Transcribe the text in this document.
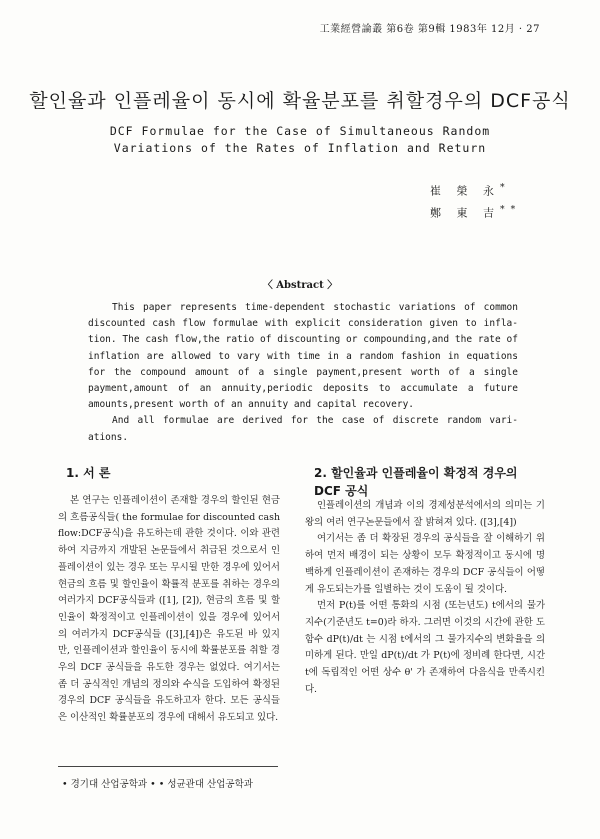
工業經營論叢 第6卷 第9輯 1983年 12月 · 27
할인율과 인플레율이 동시에 확율분포를 취할경우의 DCF공식
DCF Formulae for the Case of Simultaneous Random
Variations of the Rates of Inflation and Return
崔 榮 永*
鄭 東 吉**
〈 Abstract 〉

This paper represents time-dependent stochastic variations of common discounted cash flow formulae with explicit consideration given to infla-tion. The cash flow,the ratio of discounting or compounding,and the rate of inflation are allowed to vary with time in a random fashion in equations for the compound amount of a single payment,present worth of a single payment,amount of an annuity,periodic deposits to accumulate a future amounts,present worth of an annuity and capital recovery.

And all formulae are derived for the case of discrete random vari-ations.

1. 서 론	2. 할인율과 인플레율이 확정적 경우의 DCF 공식

본 연구는 인플레이션이 존재할 경우의 할인된 현금의 흐름공식들( the formulae for discounted cash flow:DCF공식)을 유도하는데 관한 것이다. 이와 관련하여 지금까지 개발된 논문들에서 취급된 것으로서 인플레이션이 있는 경우 또는 무시될 만한 경우에 있어서 현금의 흐름 및 할인율이 확률적 분포를 취하는 경우의 여러가지 DCF공식들과 ([1], [2]), 현금의 흐름 및 할인율이 확정적이고 인플레이션이 있을 경우에 있어서의 여러가지 DCF공식들 ([3],[4])은 유도된 바 있지만, 인플레이션과 할인율이 동시에 확률분포를 취할 경우의 DCF 공식들을 유도한 경우는 없었다. 여기서는 좀 더 공식적인 개념의 정의와 수식을 도입하여 확정된 경우의 DCF 공식들을 유도하고자 한다. 모든 공식들은 이산적인 확률분포의 경우에 대해서 유도되고 있다.

인플레이션의 개념과 이의 경제성분석에서의 의미는 기왕의 여러 연구논문들에서 잘 밝혀져 있다. ([3],[4])

여기서는 좀 더 확장된 경우의 공식들을 잘 이해하기 위하여 먼저 배경이 되는 상황이 모두 확정적이고 동시에 명백하게 인플레이션이 존재하는 경우의 DCF 공식들이 어떻게 유도되는가를 일별하는 것이 도움이 될 것이다.

먼저 P(t)를 어떤 통화의 시점 (또는년도) t에서의 물가지수(기준년도 t=0)라 하자. 그러면 이것의 시간에 관한 도함수 dP(t)/dt 는 시점 t에서의 그 물가지수의 변화율을 의미하게 된다. 만일 dP(t)/dt 가 P(t)에 정비례 한다면, 시간 t에 독립적인 어떤 상수 θ' 가 존재하여 다음식을 만족시킨다.

• 경기대 산업공학과 • • 성균관대 산업공학과
